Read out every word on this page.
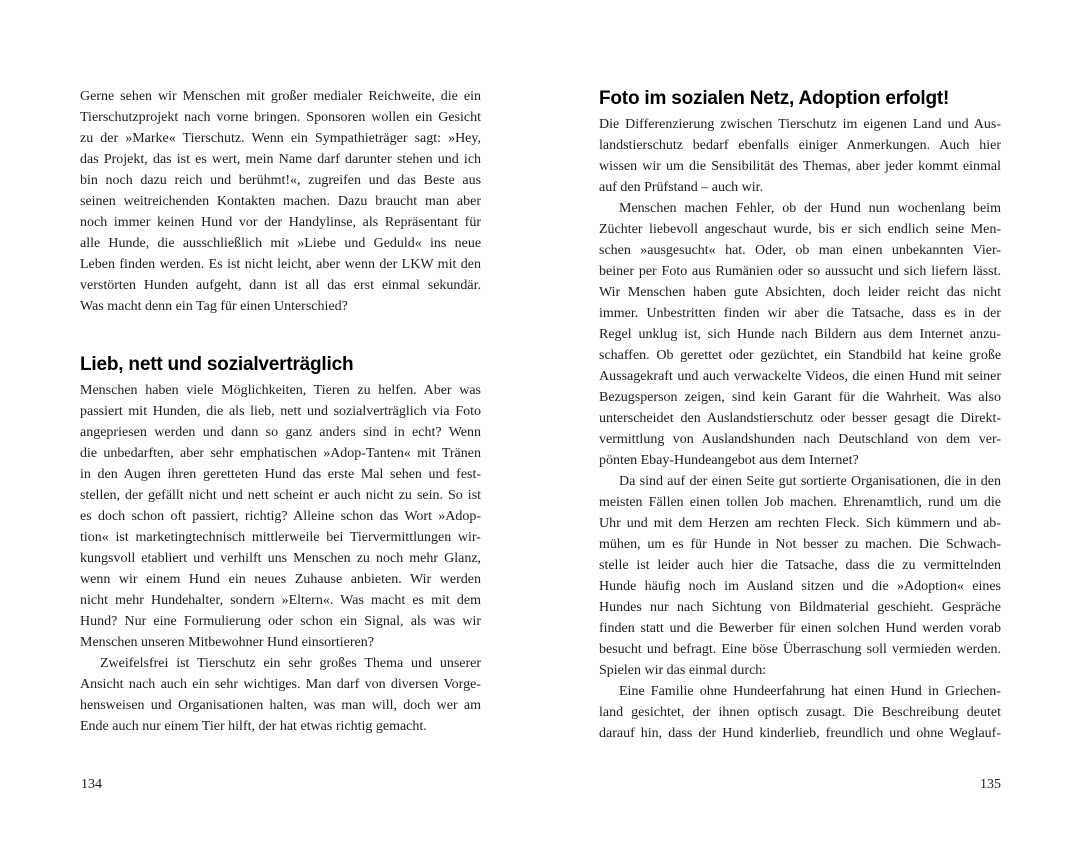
Gerne sehen wir Menschen mit großer medialer Reichweite, die ein
Tierschutzprojekt nach vorne bringen. Sponsoren wollen ein Gesicht
zu der »Marke« Tierschutz. Wenn ein Sympathieträger sagt: »Hey,
das Projekt, das ist es wert, mein Name darf darunter stehen und ich
bin noch dazu reich und berühmt!«, zugreifen und das Beste aus
seinen weitreichenden Kontakten machen. Dazu braucht man aber
noch immer keinen Hund vor der Handylinse, als Repräsentant für
alle Hunde, die ausschließlich mit »Liebe und Geduld« ins neue
Leben finden werden. Es ist nicht leicht, aber wenn der LKW mit den
verstörten Hunden aufgeht, dann ist all das erst einmal sekundär.
Was macht denn ein Tag für einen Unterschied?
Lieb, nett und sozialverträglich
Menschen haben viele Möglichkeiten, Tieren zu helfen. Aber was
passiert mit Hunden, die als lieb, nett und sozialverträglich via Foto
angepriesen werden und dann so ganz anders sind in echt? Wenn
die unbedarften, aber sehr emphatischen »Adop-Tanten« mit Tränen
in den Augen ihren geretteten Hund das erste Mal sehen und fest-
stellen, der gefällt nicht und nett scheint er auch nicht zu sein. So ist
es doch schon oft passiert, richtig? Alleine schon das Wort »Adop-
tion« ist marketingtechnisch mittlerweile bei Tiervermittlungen wir-
kungsvoll etabliert und verhilft uns Menschen zu noch mehr Glanz,
wenn wir einem Hund ein neues Zuhause anbieten. Wir werden
nicht mehr Hundehalter, sondern »Eltern«. Was macht es mit dem
Hund? Nur eine Formulierung oder schon ein Signal, als was wir
Menschen unseren Mitbewohner Hund einsortieren?
Zweifelsfrei ist Tierschutz ein sehr großes Thema und unserer
Ansicht nach auch ein sehr wichtiges. Man darf von diversen Vorge-
hensweisen und Organisationen halten, was man will, doch wer am
Ende auch nur einem Tier hilft, der hat etwas richtig gemacht.
Foto im sozialen Netz, Adoption erfolgt!
Die Differenzierung zwischen Tierschutz im eigenen Land und Aus-
landstierschutz bedarf ebenfalls einiger Anmerkungen. Auch hier
wissen wir um die Sensibilität des Themas, aber jeder kommt einmal
auf den Prüfstand – auch wir.
Menschen machen Fehler, ob der Hund nun wochenlang beim
Züchter liebevoll angeschaut wurde, bis er sich endlich seine Men-
schen »ausgesucht« hat. Oder, ob man einen unbekannten Vier-
beiner per Foto aus Rumänien oder so aussucht und sich liefern lässt.
Wir Menschen haben gute Absichten, doch leider reicht das nicht
immer. Unbestritten finden wir aber die Tatsache, dass es in der
Regel unklug ist, sich Hunde nach Bildern aus dem Internet anzu-
schaffen. Ob gerettet oder gezüchtet, ein Standbild hat keine große
Aussagekraft und auch verwackelte Videos, die einen Hund mit seiner
Bezugsperson zeigen, sind kein Garant für die Wahrheit. Was also
unterscheidet den Auslandstierschutz oder besser gesagt die Direkt-
vermittlung von Auslandshunden nach Deutschland von dem ver-
pönten Ebay-Hundeangebot aus dem Internet?
Da sind auf der einen Seite gut sortierte Organisationen, die in den
meisten Fällen einen tollen Job machen. Ehrenamtlich, rund um die
Uhr und mit dem Herzen am rechten Fleck. Sich kümmern und ab-
mühen, um es für Hunde in Not besser zu machen. Die Schwach-
stelle ist leider auch hier die Tatsache, dass die zu vermittelnden
Hunde häufig noch im Ausland sitzen und die »Adoption« eines
Hundes nur nach Sichtung von Bildmaterial geschieht. Gespräche
finden statt und die Bewerber für einen solchen Hund werden vorab
besucht und befragt. Eine böse Überraschung soll vermieden werden.
Spielen wir das einmal durch:
Eine Familie ohne Hundeerfahrung hat einen Hund in Griechen-
land gesichtet, der ihnen optisch zusagt. Die Beschreibung deutet
darauf hin, dass der Hund kinderlieb, freundlich und ohne Weglauf-
134	135
